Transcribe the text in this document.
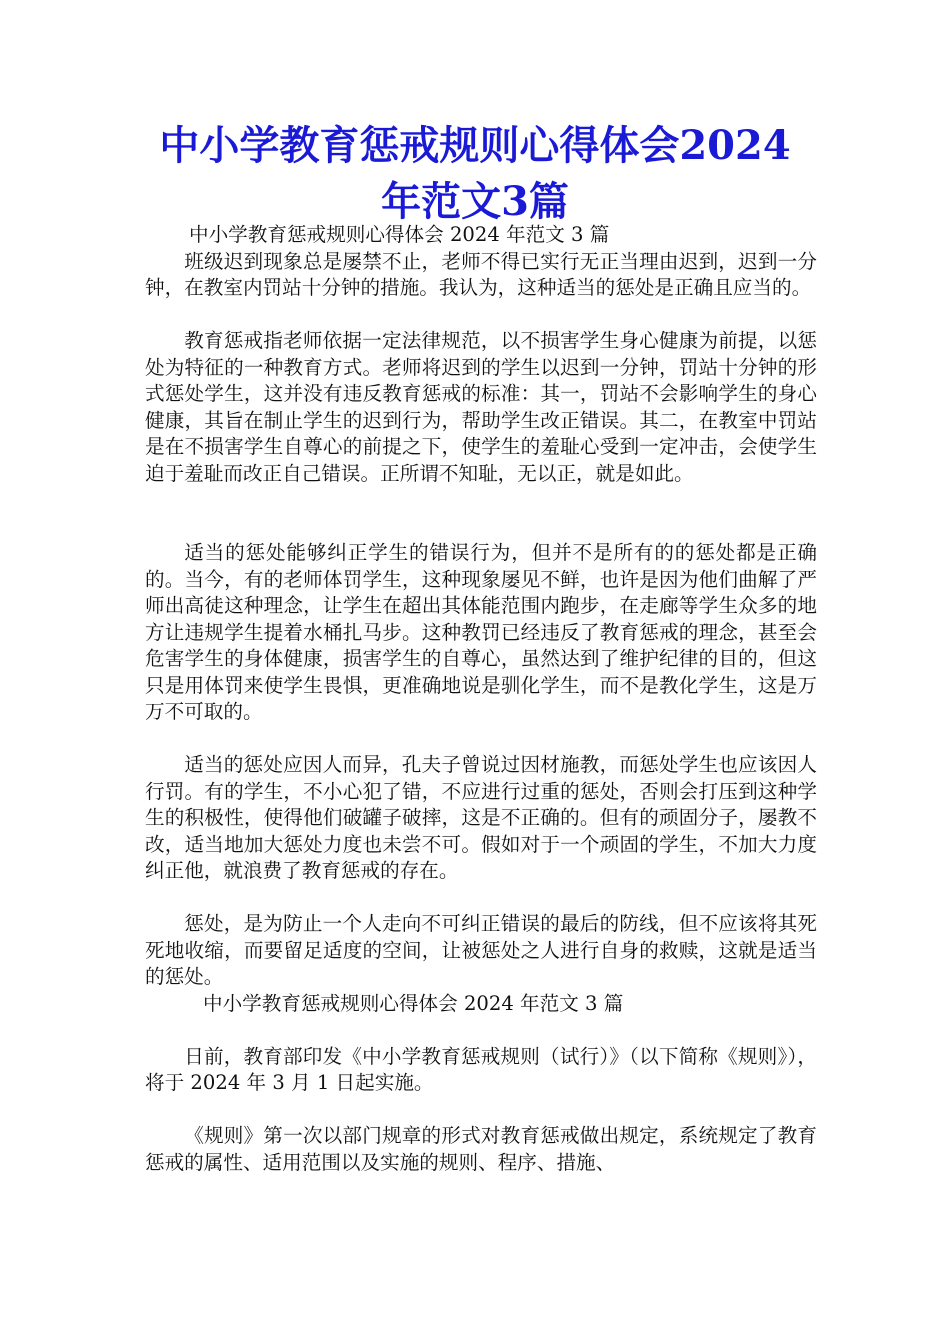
中小学教育惩戒规则心得体会2024年范文3篇

中小学教育惩戒规则心得体会 2024 年范文 3 篇

班级迟到现象总是屡禁不止，老师不得已实行无正当理由迟到，迟到一分钟，在教室内罚站十分钟的措施。我认为，这种适当的惩处是正确且应当的。

教育惩戒指老师依据一定法律规范，以不损害学生身心健康为前提，以惩处为特征的一种教育方式。老师将迟到的学生以迟到一分钟，罚站十分钟的形式惩处学生，这并没有违反教育惩戒的标准：其一，罚站不会影响学生的身心健康，其旨在制止学生的迟到行为，帮助学生改正错误。其二，在教室中罚站是在不损害学生自尊心的前提之下，使学生的羞耻心受到一定冲击，会使学生迫于羞耻而改正自己错误。正所谓不知耻，无以正，就是如此。

适当的惩处能够纠正学生的错误行为，但并不是所有的的惩处都是正确的。当今，有的老师体罚学生，这种现象屡见不鲜，也许是因为他们曲解了严师出高徒这种理念，让学生在超出其体能范围内跑步，在走廊等学生众多的地方让违规学生提着水桶扎马步。这种教罚已经违反了教育惩戒的理念，甚至会危害学生的身体健康，损害学生的自尊心，虽然达到了维护纪律的目的，但这只是用体罚来使学生畏惧，更准确地说是驯化学生，而不是教化学生，这是万万不可取的。

适当的惩处应因人而异，孔夫子曾说过因材施教，而惩处学生也应该因人行罚。有的学生，不小心犯了错，不应进行过重的惩处，否则会打压到这种学生的积极性，使得他们破罐子破摔，这是不正确的。但有的顽固分子，屡教不改，适当地加大惩处力度也未尝不可。假如对于一个顽固的学生，不加大力度纠正他，就浪费了教育惩戒的存在。

惩处，是为防止一个人走向不可纠正错误的最后的防线，但不应该将其死死地收缩，而要留足适度的空间，让被惩处之人进行自身的救赎，这就是适当的惩处。

中小学教育惩戒规则心得体会 2024 年范文 3 篇

日前，教育部印发《中小学教育惩戒规则（试行）》（以下简称《规则》），将于 2024 年 3 月 1 日起实施。

《规则》第一次以部门规章的形式对教育惩戒做出规定，系统规定了教育惩戒的属性、适用范围以及实施的规则、程序、措施、
